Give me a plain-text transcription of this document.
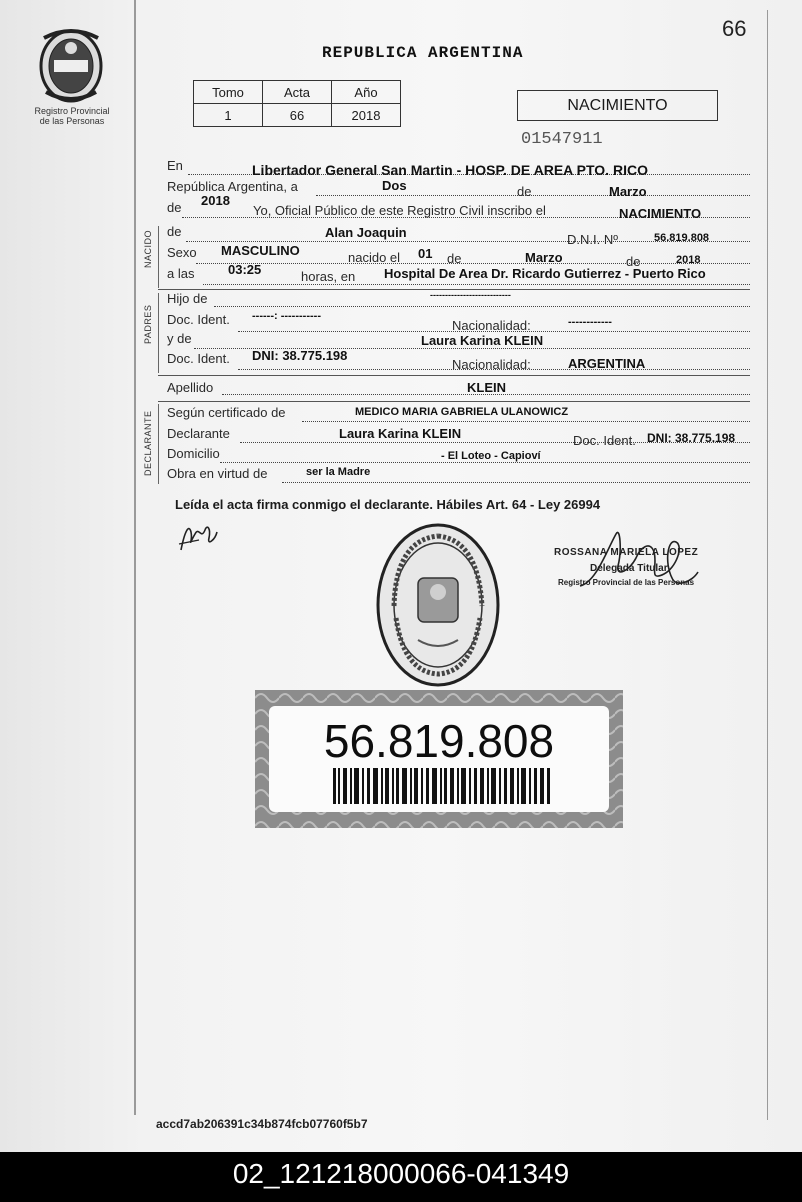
Registro Provincial
de las Personas
66
REPUBLICA ARGENTINA
Tomo	Acta	Año
1	66	2018
NACIMIENTO
01547911
En	Libertador General San Martin - HOSP. DE AREA PTO. RICO
República Argentina, a	Dos	de	Marzo
de 2018
Yo, Oficial Público de este Registro Civil inscribo el	NACIMIENTO
NACIDO de	Alan Joaquin	D.N.I. Nº	56.819.808
Sexo MASCULINO	nacido el 01 de	Marzo	de	2018
a las	03:25	horas, en Hospital De Area Dr. Ricardo Gutierrez - Puerto Rico
PADRES
Hijo de	---------------------------
Doc. Ident. ------: -----------
Nacionalidad:	------------
y de	Laura Karina KLEIN
Doc. Ident. DNI: 38.775.198
Nacionalidad:	ARGENTINA
Apellido	KLEIN
DECLARANTE Según certificado de	MEDICO MARIA GABRIELA ULANOWICZ
Declarante	Laura Karina KLEIN	Doc. Ident. DNI: 38.775.198
Domicilio	- El Loteo - Capioví
Obra en virtud de	ser la Madre
Leída el acta firma conmigo el declarante. Hábiles Art. 64 - Ley 26994
ROSSANA MARIELA LOPEZ
Delegada Titular
Registro Provincial de las Personas
56.819.808
accd7ab206391c34b874fcb07760f5b7
02_121218000066-041349
